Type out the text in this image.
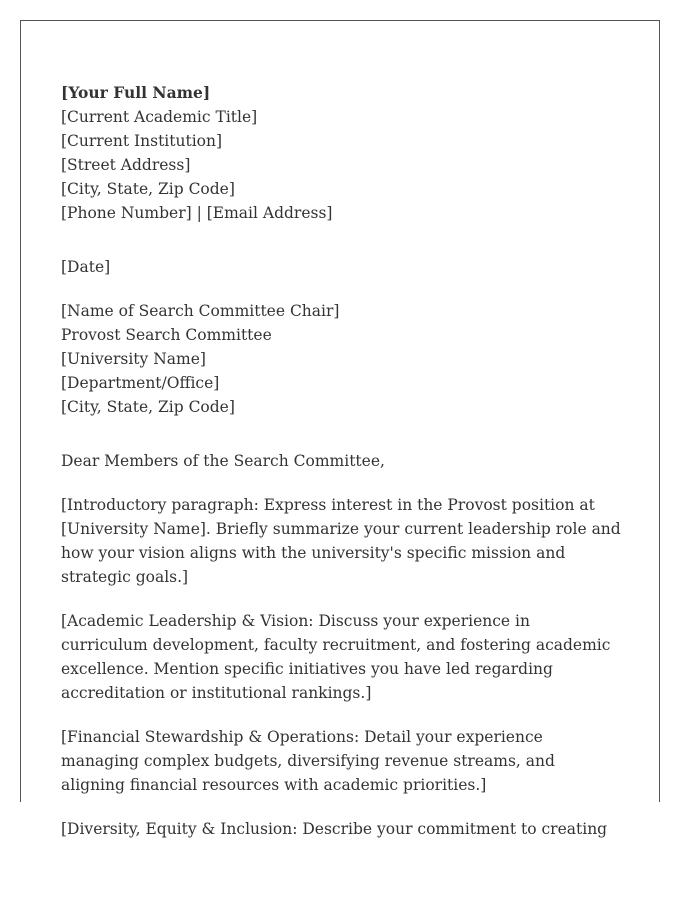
[Your Full Name]
[Current Academic Title]
[Current Institution]
[Street Address]
[City, State, Zip Code]
[Phone Number] | [Email Address]
[Date]
[Name of Search Committee Chair]
Provost Search Committee
[University Name]
[Department/Office]
[City, State, Zip Code]

Dear Members of the Search Committee,

[Introductory paragraph: Express interest in the Provost position at [University Name]. Briefly summarize your current leadership role and how your vision aligns with the university's specific mission and strategic goals.]

[Academic Leadership & Vision: Discuss your experience in curriculum development, faculty recruitment, and fostering academic excellence. Mention specific initiatives you have led regarding accreditation or institutional rankings.]

[Financial Stewardship & Operations: Detail your experience managing complex budgets, diversifying revenue streams, and aligning financial resources with academic priorities.]

[Diversity, Equity & Inclusion: Describe your commitment to creating
